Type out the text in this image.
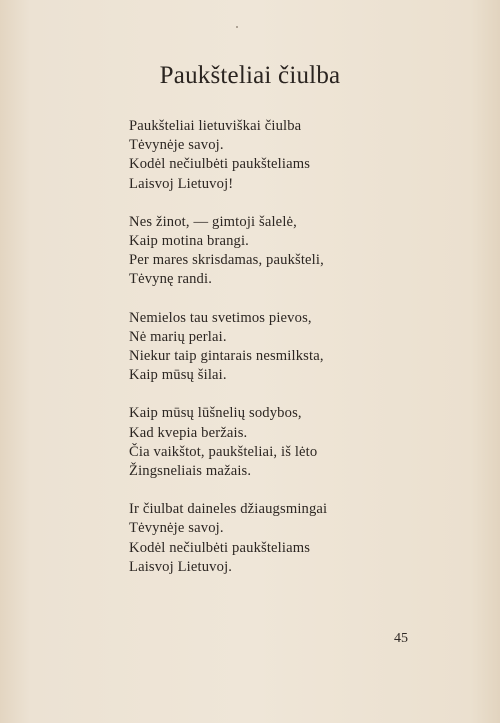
Paukšteliai čiulba
Paukšteliai lietuviškai čiulba
Tėvynėje savoj.
Kodėl nečiulbėti paukšteliams
Laisvoj Lietuvoj!
Nes žinot, — gimtoji šalelė,
Kaip motina brangi.
Per mares skrisdamas, paukšteli,
Tėvynę randi.
Nemielos tau svetimos pievos,
Nė marių perlai.
Niekur taip gintarais nesmilksta,
Kaip mūsų šilai.
Kaip mūsų lūšnelių sodybos,
Kad kvepia beržais.
Čia vaikštot, paukšteliai, iš lėto
Žingsneliais mažais.
Ir čiulbat daineles džiaugsmingai
Tėvynėje savoj.
Kodėl nečiulbėti paukšteliams
Laisvoj Lietuvoj.
45
